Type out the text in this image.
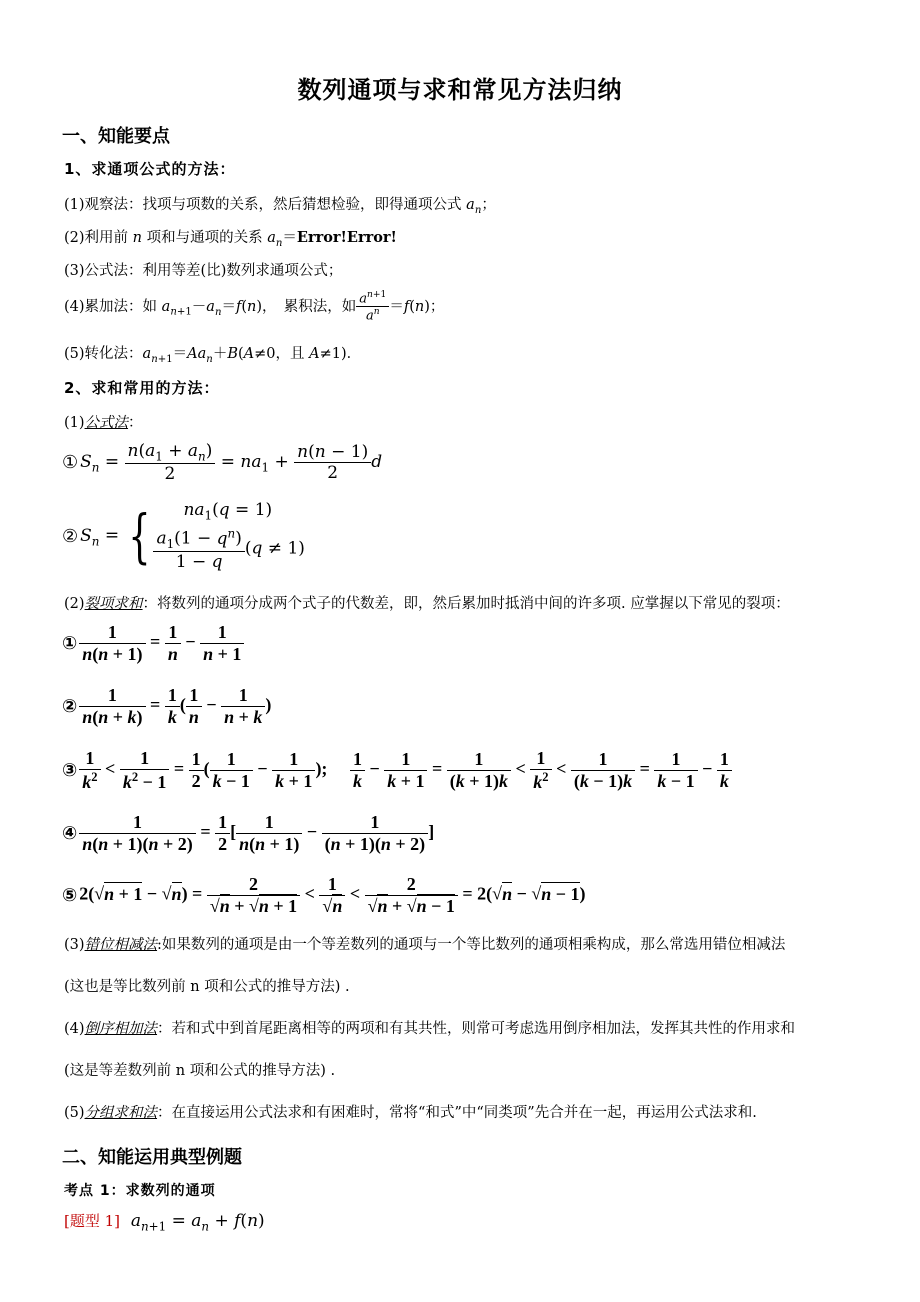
数列通项与求和常见方法归纳
一、知能要点
1、求通项公式的方法：
(1)观察法：找项与项数的关系，然后猜想检验，即得通项公式 $a_n$；
(2)利用前 n 项和与通项的关系 $a_n=Error!Error$!
(3)公式法：利用等差(比)数列求通项公式；
(4)累加法：如 $a_{n+1}-a_n=f(n)$，　累积法，如 $\frac{a^{n+1}}{a^n} =f(n)$；
(5)转化法：$a_{n+1}=Aa_n+B(A\ne 0$，且 A≠1)．
2、求和常用的方法：
(1)公式法：
① $S_n = \frac{n(a_1 + a_n)}{2} = na_1 + \frac{n(n - 1)}{2}$ d
② $S_n$ = {	$na_1(q = 1)$
$\frac{a_1(1 - q^n)}{1 - q} (q \ne 1)$
(2)裂项求和：将数列的通项分成两个式子的代数差，即，然后累加时抵消中间的许多项. 应掌握以下常见的裂项：
① $\frac{1}{n(n + 1)} = \frac{1}{n} - \frac{1}{n + 1}$
② $\frac{1}{n(n + k)} = \frac{1}{k}$ ( $\frac{1}{n} - \frac{1}{n + k}$ )
③ $\frac{1}{k^2} < \frac{1}{k^2 - 1} = \frac{1}{2}$ ( $\frac{1}{k - 1} - \frac{1}{k + 1}$ ); $\frac{1}{k} - \frac{1}{k + 1} = \frac{1}{(k + 1)k} < \frac{1}{k^2} < \frac{1}{(k - 1)k} = \frac{1}{k - 1} - \frac{1}{k}$
④ $\frac{1}{n(n + 1)(n + 2)} = \frac{1}{2}$ [ $\frac{1}{n(n + 1)} - \frac{1}{(n + 1)(n + 2)}$ ]
⑤ $2(√n + 1 - √n) = \frac{2}{√n + √n + 1} < \frac{1}{√n} < \frac{2}{√n + √n - 1} = 2(√n - √n - 1)$
(3)错位相减法:如果数列的通项是由一个等差数列的通项与一个等比数列的通项相乘构成，那么常选用错位相减法
(这也是等比数列前 n 项和公式的推导方法) .
(4)倒序相加法：若和式中到首尾距离相等的两项和有其共性，则常可考虑选用倒序相加法，发挥其共性的作用求和
(这是等差数列前 n 项和公式的推导方法) .
(5)分组求和法：在直接运用公式法求和有困难时，常将“和式”中“同类项”先合并在一起，再运用公式法求和.
二、知能运用典型例题
考点 1：求数列的通项
[题型 1] $a_{n+1} = a_n + f(n)$
